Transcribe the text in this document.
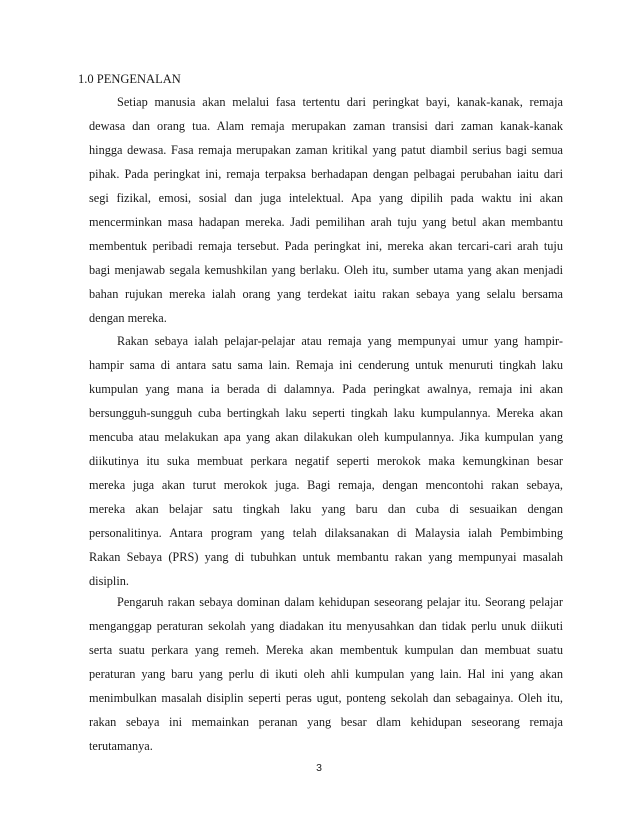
1.0 PENGENALAN
Setiap manusia akan melalui fasa tertentu dari peringkat bayi, kanak-kanak, remaja
dewasa dan orang tua. Alam remaja merupakan zaman transisi dari zaman kanak-kanak
hingga dewasa. Fasa remaja merupakan zaman kritikal yang patut diambil serius bagi semua
pihak. Pada peringkat ini, remaja terpaksa berhadapan dengan pelbagai perubahan iaitu dari
segi fizikal, emosi, sosial dan juga intelektual. Apa yang dipilih pada waktu ini akan
mencerminkan masa hadapan mereka. Jadi pemilihan arah tuju yang betul akan membantu
membentuk peribadi remaja tersebut. Pada peringkat ini, mereka akan tercari-cari arah tuju
bagi menjawab segala kemushkilan yang berlaku. Oleh itu, sumber utama yang akan menjadi
bahan rujukan mereka ialah orang yang terdekat iaitu rakan sebaya yang selalu bersama
dengan mereka.
Rakan sebaya ialah pelajar-pelajar atau remaja yang mempunyai umur yang hampir-
hampir sama di antara satu sama lain. Remaja ini cenderung untuk menuruti tingkah laku
kumpulan yang mana ia berada di dalamnya. Pada peringkat awalnya, remaja ini akan
bersungguh-sungguh cuba bertingkah laku seperti tingkah laku kumpulannya. Mereka akan
mencuba atau melakukan apa yang akan dilakukan oleh kumpulannya. Jika kumpulan yang
diikutinya itu suka membuat perkara negatif seperti merokok maka kemungkinan besar
mereka juga akan turut merokok juga. Bagi remaja, dengan mencontohi rakan sebaya,
mereka akan belajar satu tingkah laku yang baru dan cuba di sesuaikan dengan
personalitinya. Antara program yang telah dilaksanakan di Malaysia ialah Pembimbing
Rakan Sebaya (PRS) yang di tubuhkan untuk membantu rakan yang mempunyai masalah
disiplin.
Pengaruh rakan sebaya dominan dalam kehidupan seseorang pelajar itu. Seorang pelajar
menganggap peraturan sekolah yang diadakan itu menyusahkan dan tidak perlu unuk diikuti
serta suatu perkara yang remeh. Mereka akan membentuk kumpulan dan membuat suatu
peraturan yang baru yang perlu di ikuti oleh ahli kumpulan yang lain. Hal ini yang akan
menimbulkan masalah disiplin seperti peras ugut, ponteng sekolah dan sebagainya. Oleh itu,
rakan sebaya ini memainkan peranan yang besar dlam kehidupan seseorang remaja
terutamanya.
3
